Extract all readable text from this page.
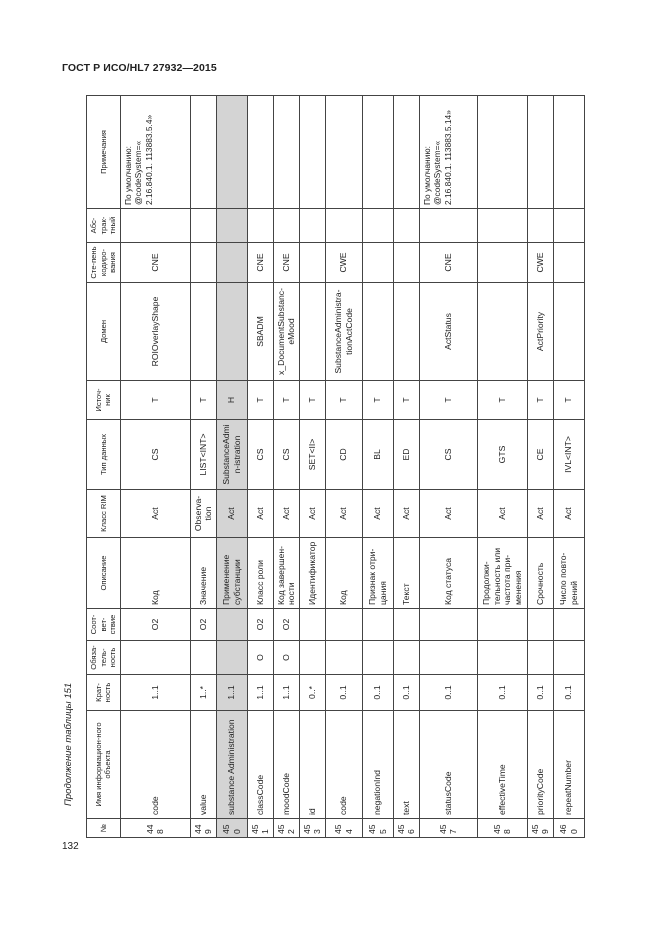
ГОСТ Р ИСО/HL7 27932—2015
Продолжение таблицы 151
132
№	Имя информацион-ного объекта	Крат-ность	Обяза-тель-ность	Соот-вет-ствие	Описание	Класс RIM	Тип данных	Источ-ник	Домен	Сте-пень кодиро-вания	Абс-трак-тный	Примечания
448	code	1..1		O2	Код	Act	CS	T	ROIOverlayShape	CNE		По умолчанию: @codeSystem=« 2.16.840.1. 113883.5.4»
449	value	1..*		O2	Значение	Observa-tion	LIST<INT>	T				
450	substance Administration	1..1			Применение субстанции	Act	SubstanceAdmin-istration	H				
451	classCode	1..1	O	O2	Класс роли	Act	CS	T	SBADM	CNE		
452	moodCode	1..1	O	O2	Код завершен-ности	Act	CS	T	x_DocumentSubstanc-eMood	CNE		
453	id	0..*			Идентификатор	Act	SET<II>	T				
454	code	0..1			Код	Act	CD	T	SubstanceAdministra-tionActCode	CWE		
455	negationInd	0..1			Признак отри-цания	Act	BL	T				
456	text	0..1			Текст	Act	ED	T				
457	statusCode	0..1			Код статуса	Act	CS	T	ActStatus	CNE		По умолчанию: @codeSystem=« 2.16.840.1. 113883.5.14»
458	effectiveTime	0..1			Продолжи-тельность или частота при-менения	Act	GTS	T				
459	priorityCode	0..1			Срочность	Act	CE	T	ActPriority	CWE		
460	repeatNumber	0..1			Число повто-рений	Act	IVL<INT>	T				
